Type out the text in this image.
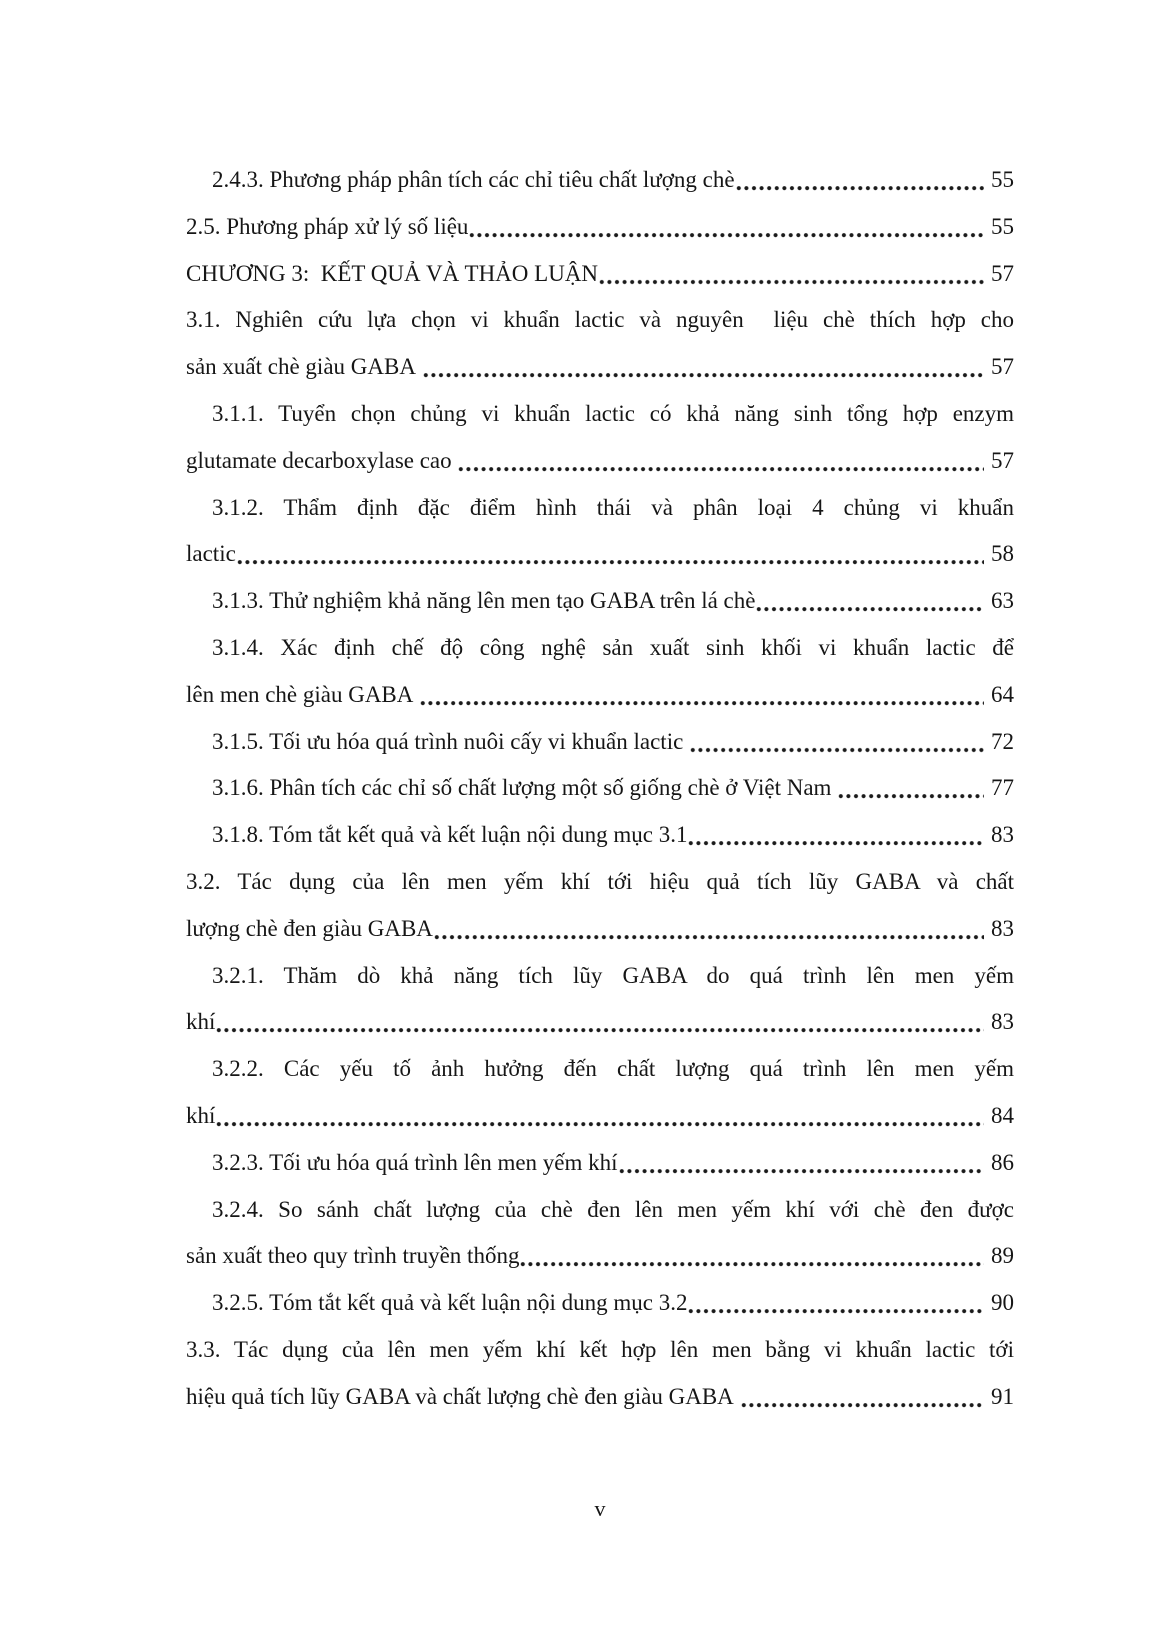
2.4.3. Phương pháp phân tích các chỉ tiêu chất lượng chè	55
2.5. Phương pháp xử lý số liệu	55
CHƯƠNG 3:  KẾT QUẢ VÀ THẢO LUẬN	57
3.1. Nghiên cứu lựa chọn vi khuẩn lactic và nguyên  liệu chè thích hợp cho
sản xuất chè giàu GABA	57
3.1.1. Tuyển chọn chủng vi khuẩn lactic có khả năng sinh tổng hợp enzym
glutamate decarboxylase cao	57
3.1.2. Thẩm định đặc điểm hình thái và phân loại 4 chủng vi khuẩn
lactic	58
3.1.3. Thử nghiệm khả năng lên men tạo GABA trên lá chè	63
3.1.4. Xác định chế độ công nghệ sản xuất sinh khối vi khuẩn lactic để
lên men chè giàu GABA	64
3.1.5. Tối ưu hóa quá trình nuôi cấy vi khuẩn lactic	72
3.1.6. Phân tích các chỉ số chất lượng một số giống chè ở Việt Nam	77
3.1.8. Tóm tắt kết quả và kết luận nội dung mục 3.1	83
3.2. Tác dụng của lên men yếm khí tới hiệu quả tích lũy GABA và chất
lượng chè đen giàu GABA	83
3.2.1. Thăm dò khả năng tích lũy GABA do quá trình lên men yếm
khí	83
3.2.2. Các yếu tố ảnh hưởng đến chất lượng quá trình lên men yếm
khí	84
3.2.3. Tối ưu hóa quá trình lên men yếm khí	86
3.2.4. So sánh chất lượng của chè đen lên men yếm khí với chè đen được
sản xuất theo quy trình truyền thống	89
3.2.5. Tóm tắt kết quả và kết luận nội dung mục 3.2	90
3.3. Tác dụng của lên men yếm khí kết hợp lên men bằng vi khuẩn lactic tới
hiệu quả tích lũy GABA và chất lượng chè đen giàu GABA	91
v
